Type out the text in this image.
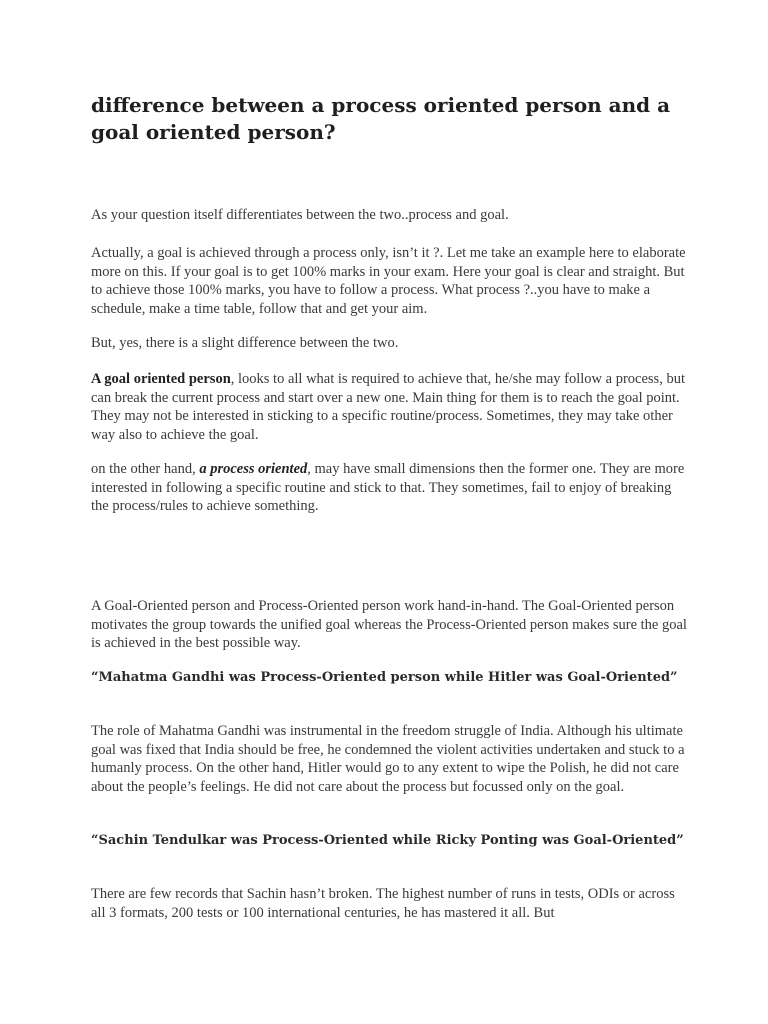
difference between a process oriented person and a goal oriented person?

As your question itself differentiates between the two..process and goal.

Actually, a goal is achieved through a process only, isn’t it ?. Let me take an example here to elaborate more on this. If your goal is to get 100% marks in your exam. Here your goal is clear and straight. But to achieve those 100% marks, you have to follow a process. What process ?..you have to make a schedule, make a time table, follow that and get your aim.

But, yes, there is a slight difference between the two.

A goal oriented person, looks to all what is required to achieve that, he/she may follow a process, but can break the current process and start over a new one. Main thing for them is to reach the goal point. They may not be interested in sticking to a specific routine/process. Sometimes, they may take other way also to achieve the goal.

on the other hand, a process oriented, may have small dimensions then the former one. They are more interested in following a specific routine and stick to that. They sometimes, fail to enjoy of breaking the process/rules to achieve something.

A Goal-Oriented person and Process-Oriented person work hand-in-hand. The Goal-Oriented person motivates the group towards the unified goal whereas the Process-Oriented person makes sure the goal is achieved in the best possible way.

“Mahatma Gandhi was Process-Oriented person while Hitler was Goal-Oriented”

The role of Mahatma Gandhi was instrumental in the freedom struggle of India. Although his ultimate goal was fixed that India should be free, he condemned the violent activities undertaken and stuck to a humanly process. On the other hand, Hitler would go to any extent to wipe the Polish, he did not care about the people’s feelings. He did not care about the process but focussed only on the goal.

“Sachin Tendulkar was Process-Oriented while Ricky Ponting was Goal-Oriented”

There are few records that Sachin hasn’t broken. The highest number of runs in tests, ODIs or across all 3 formats, 200 tests or 100 international centuries, he has mastered it all. But
